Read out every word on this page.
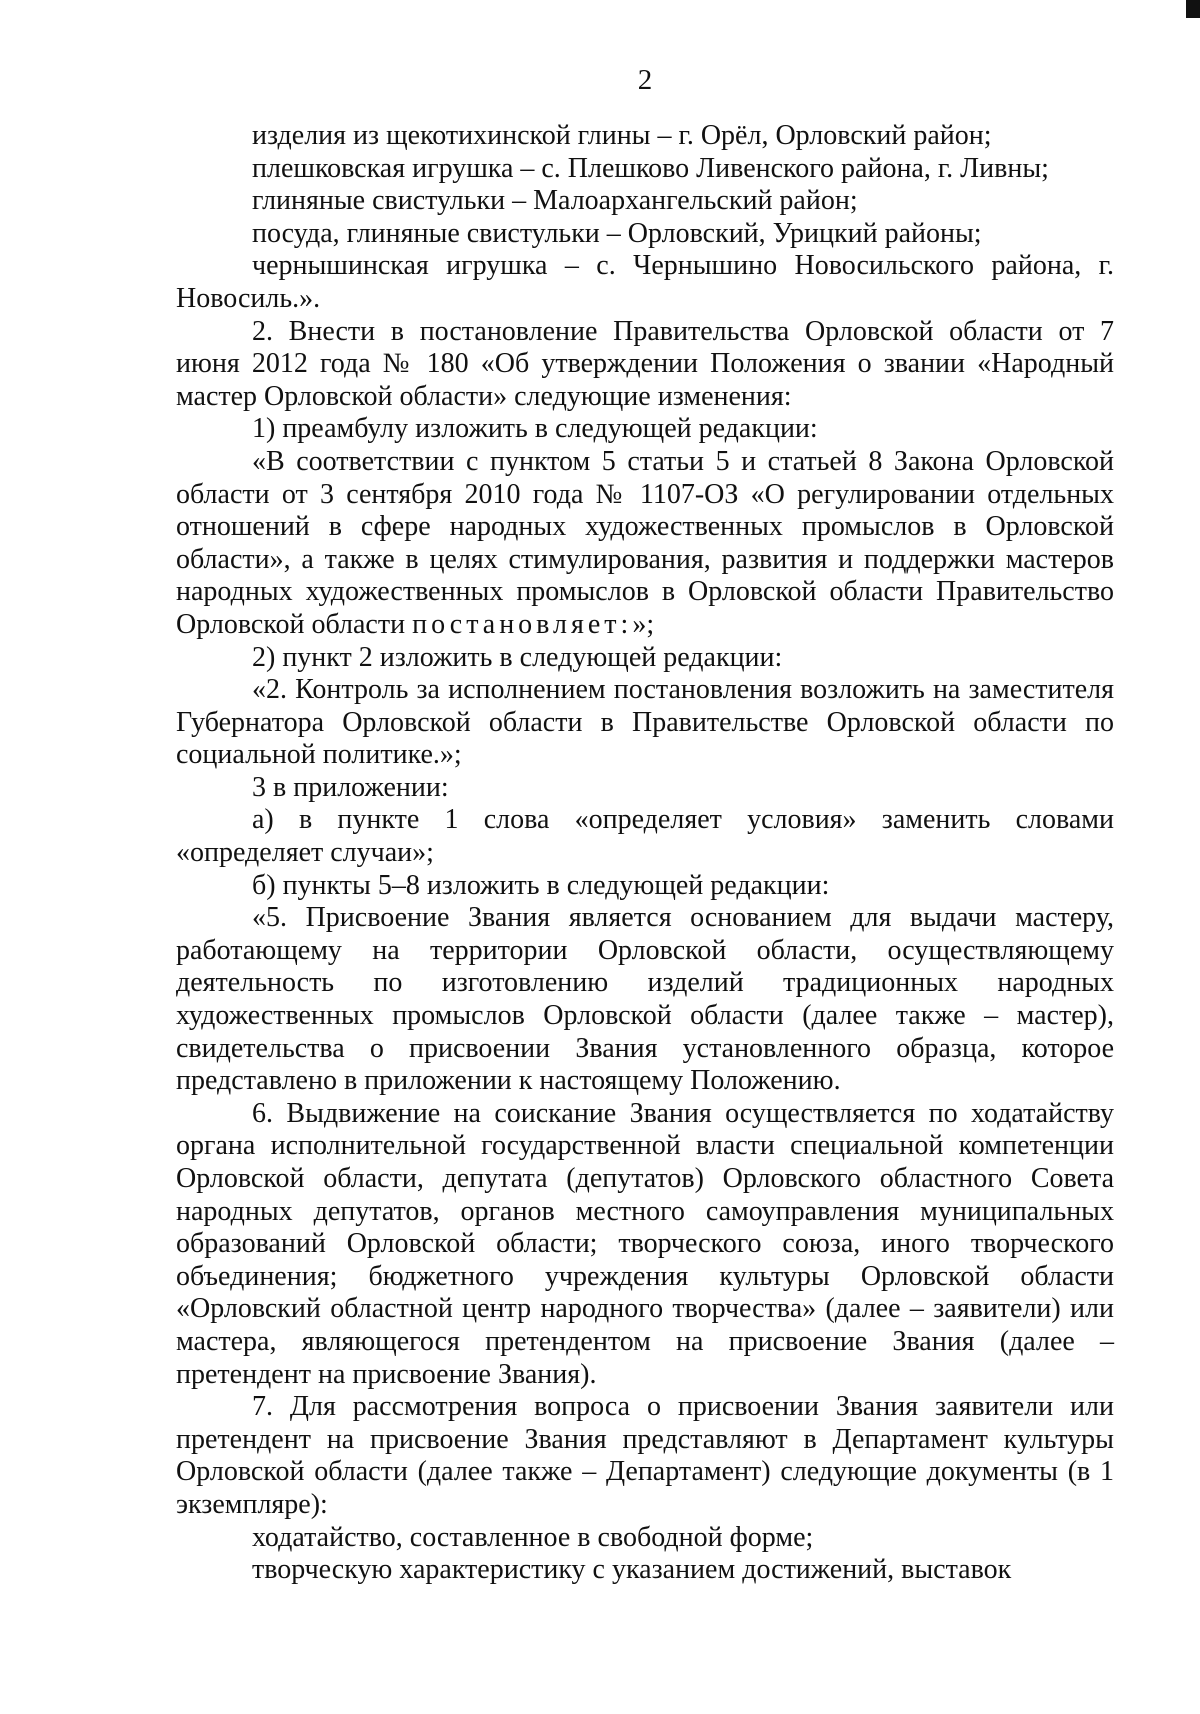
2

изделия из щекотихинской глины – г. Орёл, Орловский район;

плешковская игрушка – с. Плешково Ливенского района, г. Ливны;

глиняные свистульки – Малоархангельский район;

посуда, глиняные свистульки – Орловский, Урицкий районы;

чернышинская игрушка – с. Чернышино Новосильского района, г. Новосиль.».

2. Внести в постановление Правительства Орловской области от 7 июня 2012 года № 180 «Об утверждении Положения о звании «Народный мастер Орловской области» следующие изменения:

1) преамбулу изложить в следующей редакции:

«В соответствии с пунктом 5 статьи 5 и статьей 8 Закона Орловской области от 3 сентября 2010 года № 1107-ОЗ «О регулировании отдельных отношений в сфере народных художественных промыслов в Орловской области», а также в целях стимулирования, развития и поддержки мастеров народных художественных промыслов в Орловской области Правительство Орловской области постановляет:»;

2) пункт 2 изложить в следующей редакции:

«2. Контроль за исполнением постановления возложить на заместителя Губернатора Орловской области в Правительстве Орловской области по социальной политике.»;

3 в приложении:

а) в пункте 1 слова «определяет условия» заменить словами «определяет случаи»;

б) пункты 5–8 изложить в следующей редакции:

«5. Присвоение Звания является основанием для выдачи мастеру, работающему на территории Орловской области, осуществляющему деятельность по изготовлению изделий традиционных народных художественных промыслов Орловской области (далее также – мастер), свидетельства о присвоении Звания установленного образца, которое представлено в приложении к настоящему Положению.

6. Выдвижение на соискание Звания осуществляется по ходатайству органа исполнительной государственной власти специальной компетенции Орловской области, депутата (депутатов) Орловского областного Совета народных депутатов, органов местного самоуправления муниципальных образований Орловской области; творческого союза, иного творческого объединения; бюджетного учреждения культуры Орловской области «Орловский областной центр народного творчества» (далее – заявители) или мастера, являющегося претендентом на присвоение Звания (далее – претендент на присвоение Звания).

7. Для рассмотрения вопроса о присвоении Звания заявители или претендент на присвоение Звания представляют в Департамент культуры Орловской области (далее также – Департамент) следующие документы (в 1 экземпляре):

ходатайство, составленное в свободной форме;

творческую характеристику с указанием достижений, выставок
